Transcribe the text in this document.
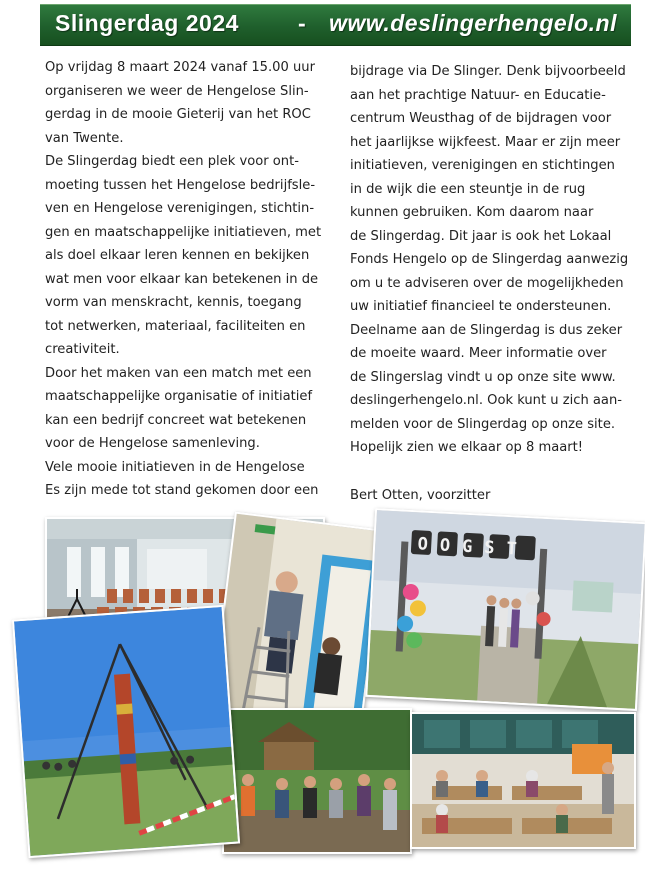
Slingerdag 2024	- www.deslingerhengelo.nl

Op vrijdag 8 maart 2024 vanaf 15.00 uur

organiseren we weer de Hengelose Slin-

gerdag in de mooie Gieterij van het ROC

van Twente.

De Slingerdag biedt een plek voor ont-

moeting tussen het Hengelose bedrijfsle-

ven en Hengelose verenigingen, stichtin-

gen en maatschappelijke initiatieven, met

als doel elkaar leren kennen en bekijken

wat men voor elkaar kan betekenen in de

vorm van menskracht, kennis, toegang

tot netwerken, materiaal, faciliteiten en

creativiteit.

Door het maken van een match met een

maatschappelijke organisatie of initiatief

kan een bedrijf concreet wat betekenen

voor de Hengelose samenleving.

Vele mooie initiatieven in de Hengelose

Es zijn mede tot stand gekomen door een

bijdrage via De Slinger. Denk bijvoorbeeld

aan het prachtige Natuur- en Educatie-

centrum Weusthag of de bijdragen voor

het jaarlijkse wijkfeest. Maar er zijn meer

initiatieven, verenigingen en stichtingen

in de wijk die een steuntje in de rug

kunnen gebruiken. Kom daarom naar

de Slingerdag. Dit jaar is ook het Lokaal

Fonds Hengelo op de Slingerdag aanwezig

om u te adviseren over de mogelijkheden

uw initiatief financieel te ondersteunen.

Deelname aan de Slingerdag is dus zeker

de moeite waard. Meer informatie over

de Slingerslag vindt u op onze site www.

deslingerhengelo.nl. Ook kunt u zich aan-

melden voor de Slingerdag op onze site.

Hopelijk zien we elkaar op 8 maart!

Bert Otten, voorzitter

OOGST
